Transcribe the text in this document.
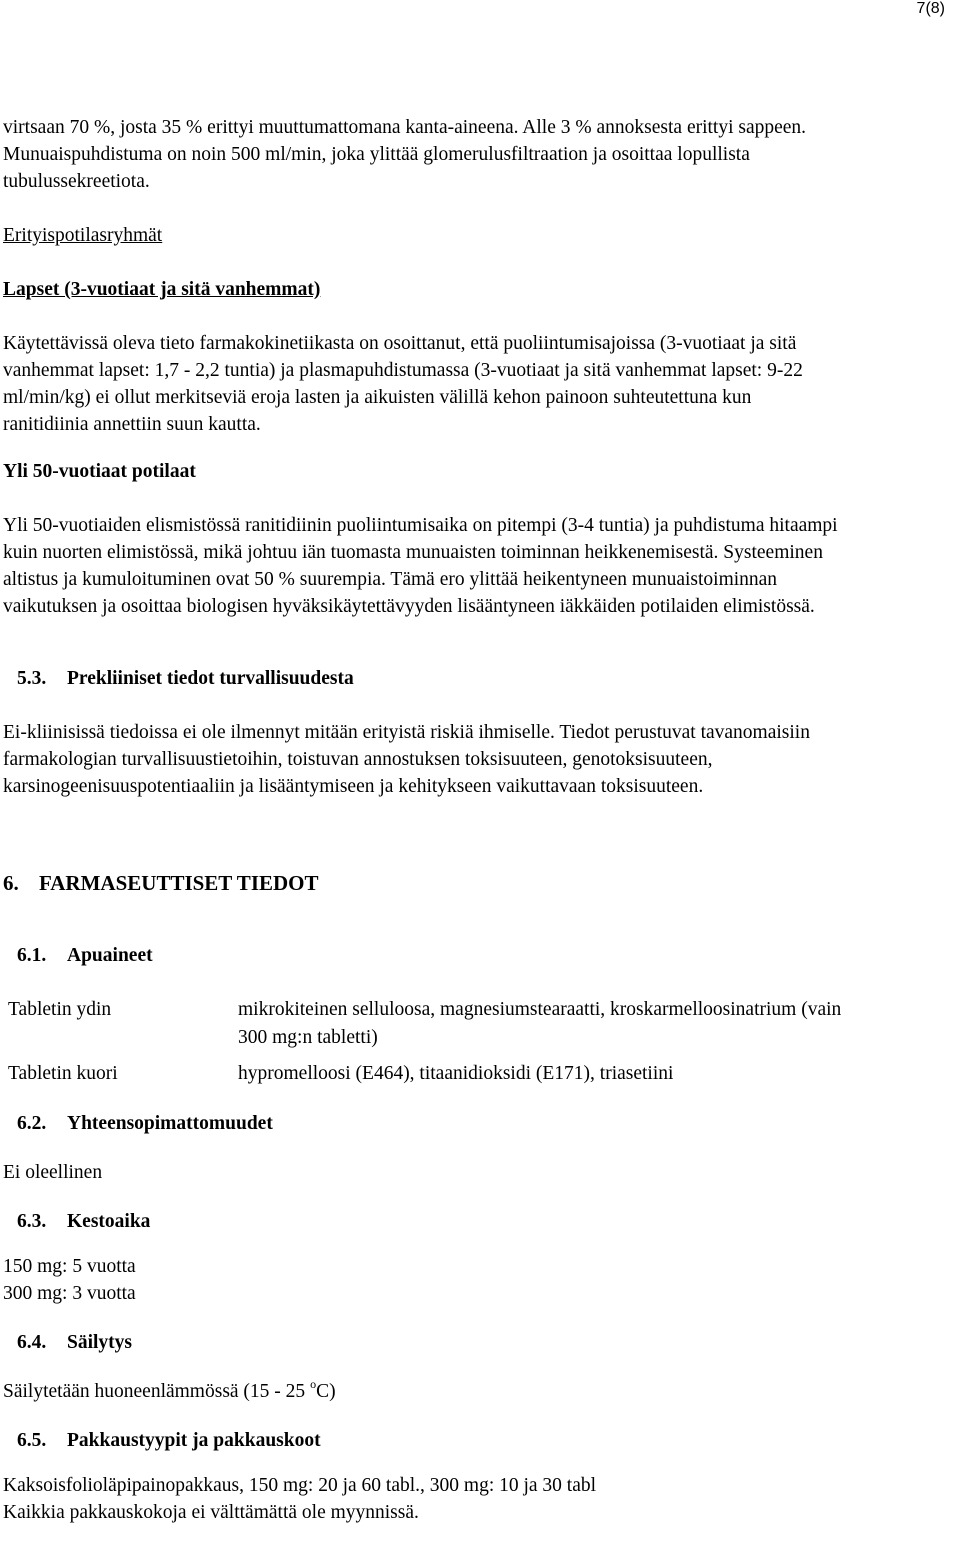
7(8)

virtsaan 70 %, josta 35 % erittyi muuttumattomana kanta-aineena. Alle 3 % annoksesta erittyi sappeen.
Munuaispuhdistuma on noin 500 ml/min, joka ylittää glomerulusfiltraation ja osoittaa lopullista
tubulussekreetiota.

Erityispotilasryhmät

Lapset (3-vuotiaat ja sitä vanhemmat)

Käytettävissä oleva tieto farmakokinetiikasta on osoittanut, että puoliintumisajoissa (3-vuotiaat ja sitä
vanhemmat lapset: 1,7 - 2,2 tuntia) ja plasmapuhdistumassa (3-vuotiaat ja sitä vanhemmat lapset: 9-22
ml/min/kg) ei ollut merkitseviä eroja lasten ja aikuisten välillä kehon painoon suhteutettuna kun
ranitidiinia annettiin suun kautta.

Yli 50-vuotiaat potilaat

Yli 50-vuotiaiden elismistössä ranitidiinin puoliintumisaika on pitempi (3-4 tuntia) ja puhdistuma hitaampi
kuin nuorten elimistössä, mikä johtuu iän tuomasta munuaisten toiminnan heikkenemisestä. Systeeminen
altistus ja kumuloituminen ovat 50 % suurempia. Tämä ero ylittää heikentyneen munuaistoiminnan
vaikutuksen ja osoittaa biologisen hyväksikäytettävyyden lisääntyneen iäkkäiden potilaiden elimistössä.

5.3. Prekliiniset tiedot turvallisuudesta

Ei-kliinisissä tiedoissa ei ole ilmennyt mitään erityistä riskiä ihmiselle. Tiedot perustuvat tavanomaisiin
farmakologian turvallisuustietoihin, toistuvan annostuksen toksisuuteen, genotoksisuuteen,
karsinogeenisuuspotentiaaliin ja lisääntymiseen ja kehitykseen vaikuttavaan toksisuuteen.

6. FARMASEUTTISET TIEDOT

6.1. Apuaineet

Tabletin ydin	mikrokiteinen selluloosa, magnesiumstearaatti, kroskarmelloosinatrium (vain
300 mg:n tabletti)

Tabletin kuori	hypromelloosi (E464), titaanidioksidi (E171), triasetiini

6.2. Yhteensopimattomuudet

Ei oleellinen

6.3. Kestoaika

150 mg: 5 vuotta
300 mg: 3 vuotta

6.4. Säilytys

Säilytetään huoneenlämmössä (15 - 25 $^o$C)

6.5. Pakkaustyypit ja pakkauskoot

Kaksoisfolioläpipainopakkaus, 150 mg: 20 ja 60 tabl., 300 mg: 10 ja 30 tabl
Kaikkia pakkauskokoja ei välttämättä ole myynnissä.
